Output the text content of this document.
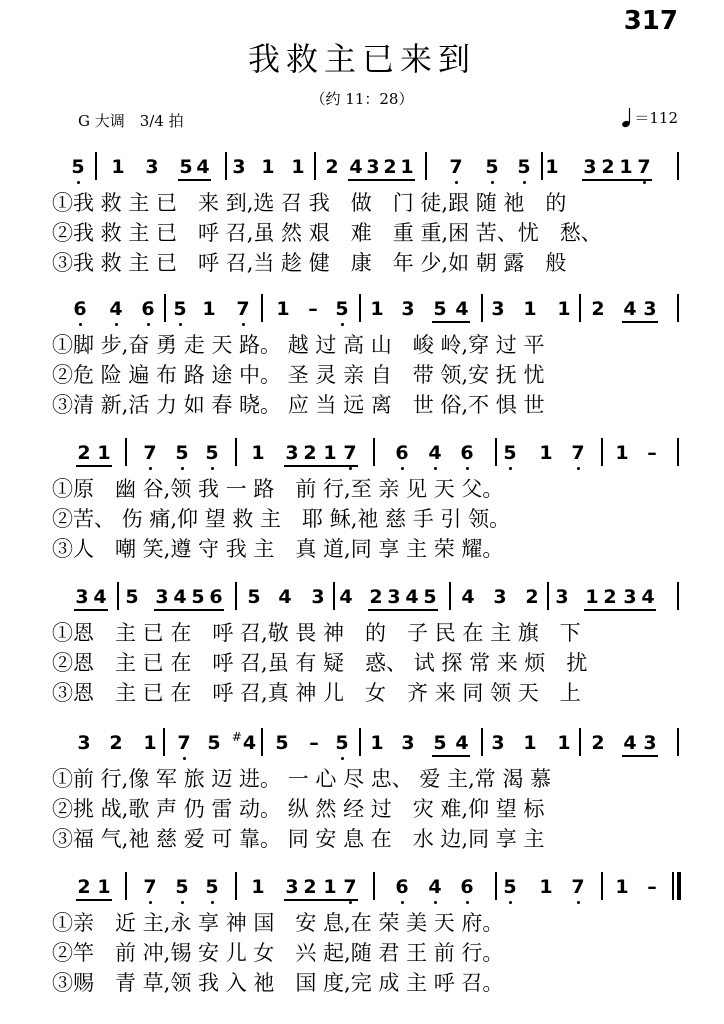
317
我救主已来到
（约 11：28）
G 大调　3/4 拍	＝112
5 1 3 5 4 3 1 1 2 4 3 2 1 7 5 5 1 3 2 1 7
①我 救 主 已　来 到,选 召 我　做　门 徒,跟 随 祂　的
②我 救 主 已　呼 召,虽 然 艰　难　重 重,困 苦、忧　愁、
③我 救 主 已　呼 召,当 趁 健　康　年 少,如 朝 露　般
6 4 6 5 1 7 1 – 5 1 3 5 4 3 1 1 2 4 3
①脚 步,奋 勇 走 天 路。 越 过 高 山　峻 岭,穿 过 平
②危 险 遍 布 路 途 中。 圣 灵 亲 自　带 领,安 抚 忧
③清 新,活 力 如 春 晓。 应 当 远 离　世 俗,不 惧 世
2 1 7 5 5 1 3 2 1 7 6 4 6 5 1 7 1 –
①原　幽 谷,领 我 一 路　前 行,至 亲 见 天 父。
②苦、 伤 痛,仰 望 救 主　耶 稣,祂 慈 手 引 领。
③人　嘲 笑,遵 守 我 主　真 道,同 享 主 荣 耀。
3 4 5 3 4 5 6 5 4 3 4 2 3 4 5 4 3 2 3 1 2 3 4
①恩　主 已 在　呼 召,敬 畏 神　的　子 民 在 主 旗　下
②恩　主 已 在　呼 召,虽 有 疑　惑、 试 探 常 来 烦　扰
③恩　主 已 在　呼 召,真 神 儿　女　齐 来 同 领 天　上
3 2 1 7 5 #4 5 – 5 1 3 5 4 3 1 1 2 4 3
①前 行,像 军 旅 迈 进。 一 心 尽 忠、 爱 主,常 渴 慕
②挑 战,歌 声 仍 雷 动。 纵 然 经 过　灾 难,仰 望 标
③福 气,祂 慈 爱 可 靠。 同 安 息 在　水 边,同 享 主
2 1 7 5 5 1 3 2 1 7 6 4 6 5 1 7 1 –
①亲　近 主,永 享 神 国　安 息,在 荣 美 天 府。
②竿　前 冲,锡 安 儿 女　兴 起,随 君 王 前 行。
③赐　青 草,领 我 入 祂　国 度,完 成 主 呼 召。
